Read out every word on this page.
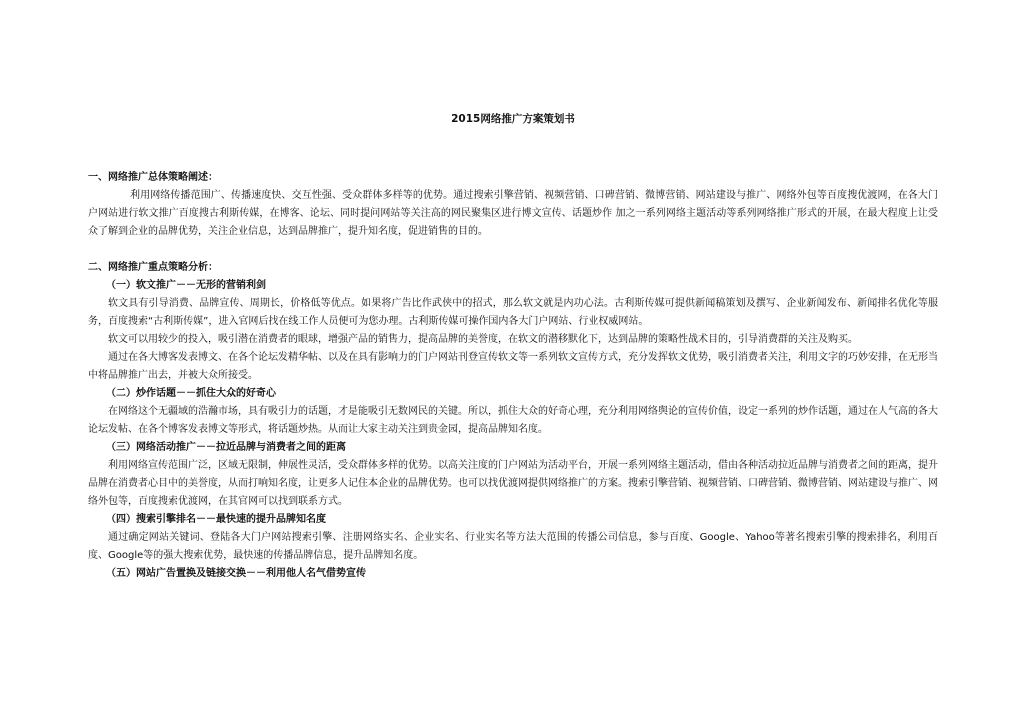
2015网络推广方案策划书
一、网络推广总体策略阐述：

利用网络传播范围广、传播速度快、交互性强、受众群体多样等的优势。通过搜索引擎营销、视频营销、口碑营销、微博营销、网站建设与推广、网络外包等百度搜优渡网，在各大门户网站进行软文推广百度搜古利斯传媒，在博客、论坛、同时提问网站等关注高的网民聚集区进行博文宣传、话题炒作 加之一系列网络主题活动等系列网络推广形式的开展，在最大程度上让受众了解到企业的品牌优势，关注企业信息，达到品牌推广，提升知名度，促进销售的目的。

二、网络推广重点策略分析：
（一）软文推广－－无形的营销利剑

软文具有引导消费、品牌宣传、周期长，价格低等优点。如果将广告比作武侠中的招式，那么软文就是内功心法。古利斯传媒可提供新闻稿策划及撰写、企业新闻发布、新闻排名优化等服务，百度搜索“古利斯传媒”，进入官网后找在线工作人员便可为您办理。古利斯传媒可操作国内各大门户网站、行业权威网站。

软文可以用较少的投入，吸引潜在消费者的眼球，增强产品的销售力，提高品牌的美誉度，在软文的潜移默化下，达到品牌的策略性战术目的，引导消费群的关注及购买。

通过在各大博客发表博文、在各个论坛发精华帖、以及在具有影响力的门户网站刊登宣传软文等一系列软文宣传方式，充分发挥软文优势，吸引消费者关注，利用文字的巧妙安排，在无形当中将品牌推广出去，并被大众所接受。

（二）炒作话题－－抓住大众的好奇心

在网络这个无疆域的浩瀚市场，具有吸引力的话题，才是能吸引无数网民的关键。所以，抓住大众的好奇心理，充分利用网络舆论的宣传价值，设定一系列的炒作话题，通过在人气高的各大论坛发帖、在各个博客发表博文等形式，将话题炒热。从而让大家主动关注到贵金园，提高品牌知名度。

（三）网络活动推广－－拉近品牌与消费者之间的距离

利用网络宣传范围广泛，区域无限制，伸展性灵活，受众群体多样的优势。以高关注度的门户网站为活动平台，开展一系列网络主题活动，借由各种活动拉近品牌与消费者之间的距离，提升品牌在消费者心目中的美誉度，从而打响知名度，让更多人记住本企业的品牌优势。也可以找优渡网提供网络推广的方案。搜索引擎营销、视频营销、口碑营销、微博营销、网站建设与推广、网络外包等，百度搜索优渡网，在其官网可以找到联系方式。

（四）搜索引擎排名－－最快速的提升品牌知名度

通过确定网站关键词、登陆各大门户网站搜索引擎、注册网络实名、企业实名、行业实名等方法大范围的传播公司信息，参与百度、Google、Yahoo等著名搜索引擎的搜索排名，利用百度、Google等的强大搜索优势，最快速的传播品牌信息，提升品牌知名度。

（五）网站广告置换及链接交换－－利用他人名气借势宣传
